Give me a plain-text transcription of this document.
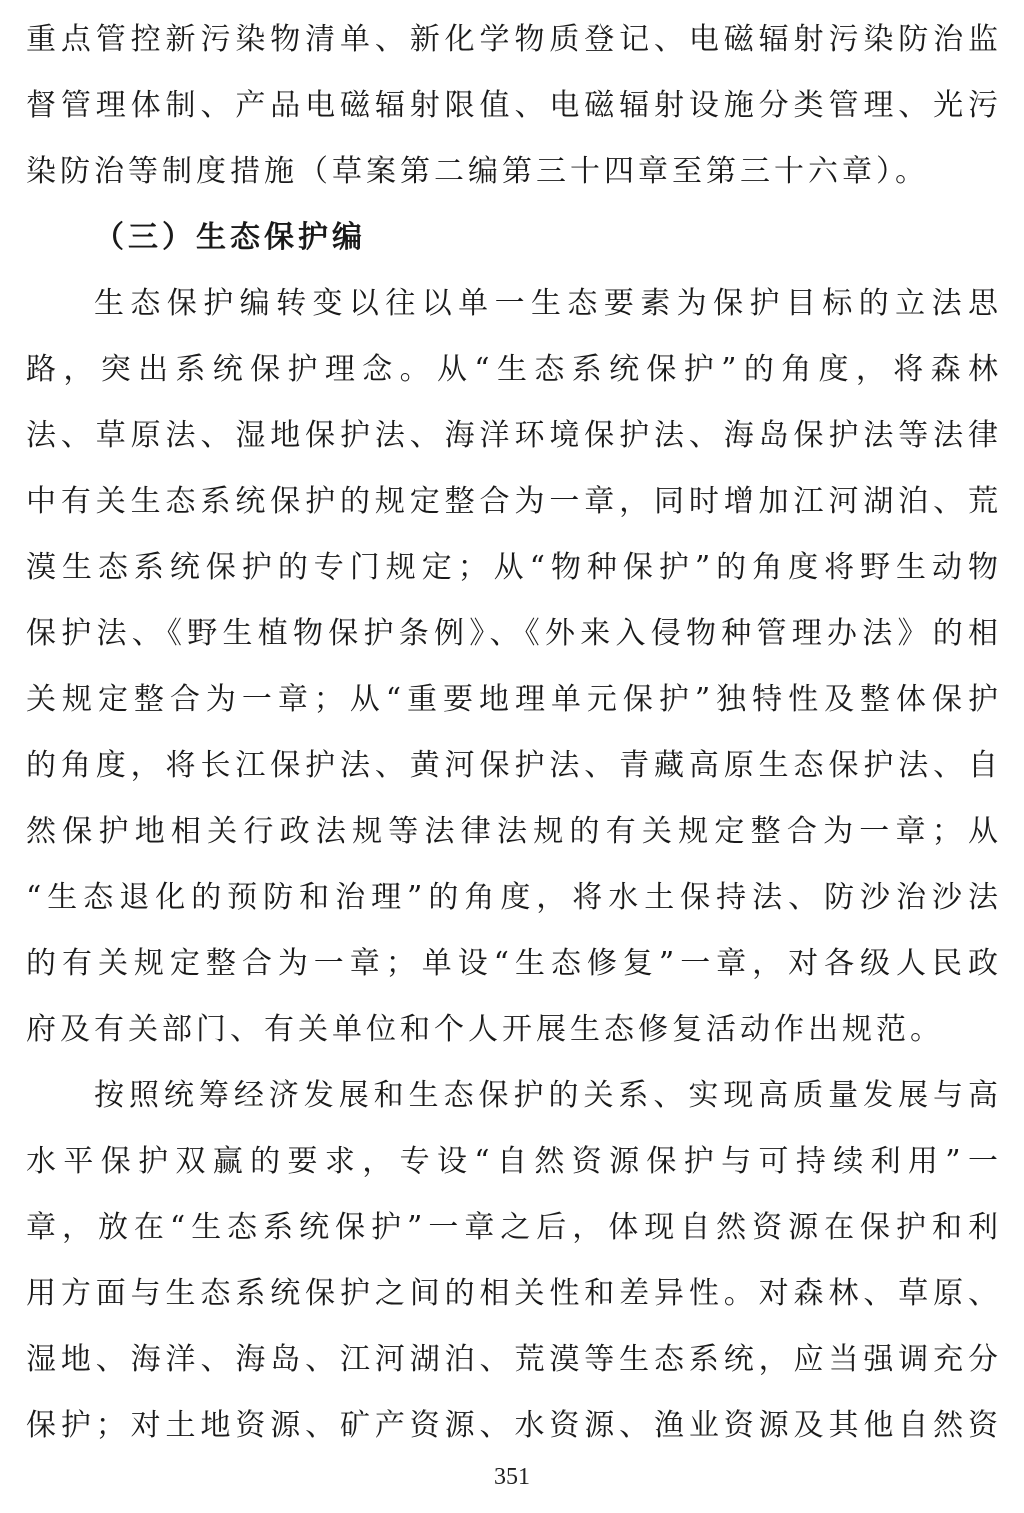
重点管控新污染物清单、新化学物质登记、电磁辐射污染防治监
督管理体制、产品电磁辐射限值、电磁辐射设施分类管理、光污
染防治等制度措施（草案第二编第三十四章至第三十六章）。
（三）生态保护编
生态保护编转变以往以单一生态要素为保护目标的立法思
路，突出系统保护理念。从“生态系统保护”的角度，将森林
法、草原法、湿地保护法、海洋环境保护法、海岛保护法等法律
中有关生态系统保护的规定整合为一章，同时增加江河湖泊、荒
漠生态系统保护的专门规定；从“物种保护”的角度将野生动物
保护法、《野生植物保护条例》、《外来入侵物种管理办法》的相
关规定整合为一章；从“重要地理单元保护”独特性及整体保护
的角度，将长江保护法、黄河保护法、青藏高原生态保护法、自
然保护地相关行政法规等法律法规的有关规定整合为一章；从
“生态退化的预防和治理”的角度，将水土保持法、防沙治沙法
的有关规定整合为一章；单设“生态修复”一章，对各级人民政
府及有关部门、有关单位和个人开展生态修复活动作出规范。
按照统筹经济发展和生态保护的关系、实现高质量发展与高
水平保护双赢的要求，专设“自然资源保护与可持续利用”一
章，放在“生态系统保护”一章之后，体现自然资源在保护和利
用方面与生态系统保护之间的相关性和差异性。对森林、草原、
湿地、海洋、海岛、江河湖泊、荒漠等生态系统，应当强调充分
保护；对土地资源、矿产资源、水资源、渔业资源及其他自然资
351
